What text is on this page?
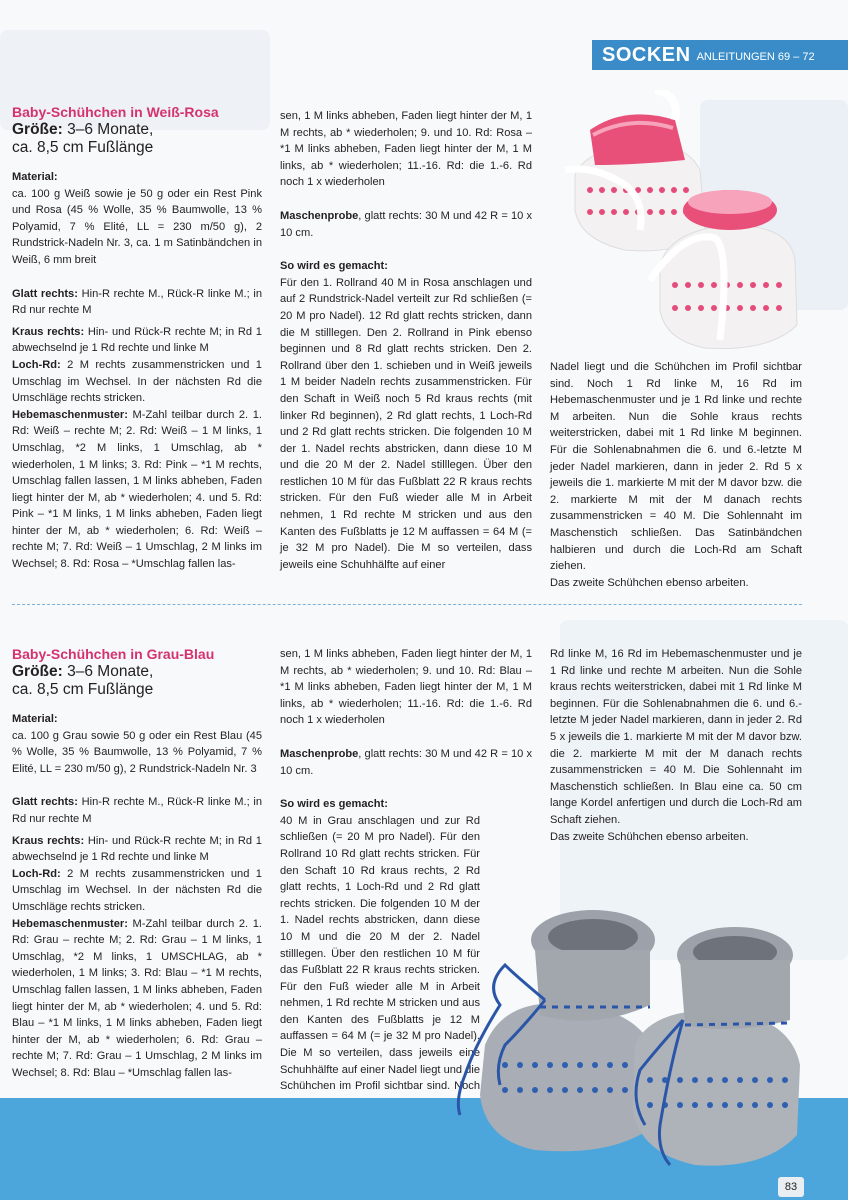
SOCKEN ANLEITUNGEN 69 – 72
Baby-Schühchen in Weiß-Rosa
Größe: 3–6 Monate,
ca. 8,5 cm Fußlänge
Material:

ca. 100 g Weiß sowie je 50 g oder ein Rest Pink und Rosa (45 % Wolle, 35 % Baumwolle, 13 % Polyamid, 7 % Elité, LL = 230 m/50 g), 2 Rundstrick-Nadeln Nr. 3, ca. 1 m Satinbändchen in Weiß, 6 mm breit

Glatt rechts: Hin-R rechte M., Rück-R linke M.; in Rd nur rechte M

Kraus rechts: Hin- und Rück-R rechte M; in Rd 1 abwechselnd je 1 Rd rechte und linke M

Loch-Rd: 2 M rechts zusammenstricken und 1 Umschlag im Wechsel. In der nächsten Rd die Umschläge rechts stricken.

Hebemaschenmuster: M-Zahl teilbar durch 2. 1. Rd: Weiß – rechte M; 2. Rd: Weiß – 1 M links, 1 Umschlag, *2 M links, 1 Umschlag, ab * wiederholen, 1 M links; 3. Rd: Pink – *1 M rechts, Umschlag fallen lassen, 1 M links abheben, Faden liegt hinter der M, ab * wiederholen; 4. und 5. Rd: Pink – *1 M links, 1 M links abheben, Faden liegt hinter der M, ab * wiederholen; 6. Rd: Weiß – rechte M; 7. Rd: Weiß – 1 Umschlag, 2 M links im Wechsel; 8. Rd: Rosa – *Umschlag fallen las-

sen, 1 M links abheben, Faden liegt hinter der M, 1 M rechts, ab * wiederholen; 9. und 10. Rd: Rosa – *1 M links abheben, Faden liegt hinter der M, 1 M links, ab * wiederholen; 11.-16. Rd: die 1.-6. Rd noch 1 x wiederholen

Maschenprobe, glatt rechts: 30 M und 42 R = 10 x 10 cm.

So wird es gemacht:

Für den 1. Rollrand 40 M in Rosa anschlagen und auf 2 Rundstrick-Nadel verteilt zur Rd schließen (= 20 M pro Nadel). 12 Rd glatt rechts stricken, dann die M stilllegen. Den 2. Rollrand in Pink ebenso beginnen und 8 Rd glatt rechts stricken. Den 2. Rollrand über den 1. schieben und in Weiß jeweils 1 M beider Nadeln rechts zusammenstricken. Für den Schaft in Weiß noch 5 Rd kraus rechts (mit linker Rd beginnen), 2 Rd glatt rechts, 1 Loch-Rd und 2 Rd glatt rechts stricken. Die folgenden 10 M der 1. Nadel rechts abstricken, dann diese 10 M und die 20 M der 2. Nadel stilllegen. Über den restlichen 10 M für das Fußblatt 22 R kraus rechts stricken. Für den Fuß wieder alle M in Arbeit nehmen, 1 Rd rechte M stricken und aus den Kanten des Fußblatts je 12 M auffassen = 64 M (= je 32 M pro Nadel). Die M so verteilen, dass jeweils eine Schuhhälfte auf einer

Nadel liegt und die Schühchen im Profil sichtbar sind. Noch 1 Rd linke M, 16 Rd im Hebemaschenmuster und je 1 Rd linke und rechte M arbeiten. Nun die Sohle kraus rechts weiterstricken, dabei mit 1 Rd linke M beginnen. Für die Sohlenabnahmen die 6. und 6.-letzte M jeder Nadel markieren, dann in jeder 2. Rd 5 x jeweils die 1. markierte M mit der M davor bzw. die 2. markierte M mit der M danach rechts zusammenstricken = 40 M. Die Sohlennaht im Maschenstich schließen. Das Satinbändchen halbieren und durch die Loch-Rd am Schaft ziehen.

Das zweite Schühchen ebenso arbeiten.

Baby-Schühchen in Grau-Blau
Größe: 3–6 Monate,
ca. 8,5 cm Fußlänge
Material:

ca. 100 g Grau sowie 50 g oder ein Rest Blau (45 % Wolle, 35 % Baumwolle, 13 % Polyamid, 7 % Elité, LL = 230 m/50 g), 2 Rundstrick-Nadeln Nr. 3

Glatt rechts: Hin-R rechte M., Rück-R linke M.; in Rd nur rechte M

Kraus rechts: Hin- und Rück-R rechte M; in Rd 1 abwechselnd je 1 Rd rechte und linke M

Loch-Rd: 2 M rechts zusammenstricken und 1 Umschlag im Wechsel. In der nächsten Rd die Umschläge rechts stricken.

Hebemaschenmuster: M-Zahl teilbar durch 2. 1. Rd: Grau – rechte M; 2. Rd: Grau – 1 M links, 1 Umschlag, *2 M links, 1 UMSCHLAG, ab * wiederholen, 1 M links; 3. Rd: Blau – *1 M rechts, Umschlag fallen lassen, 1 M links abheben, Faden liegt hinter der M, ab * wiederholen; 4. und 5. Rd: Blau – *1 M links, 1 M links abheben, Faden liegt hinter der M, ab * wiederholen; 6. Rd: Grau – rechte M; 7. Rd: Grau – 1 Umschlag, 2 M links im Wechsel; 8. Rd: Blau – *Umschlag fallen las-

sen, 1 M links abheben, Faden liegt hinter der M, 1 M rechts, ab * wiederholen; 9. und 10. Rd: Blau – *1 M links abheben, Faden liegt hinter der M, 1 M links, ab * wiederholen; 11.-16. Rd: die 1.-6. Rd noch 1 x wiederholen

Maschenprobe, glatt rechts: 30 M und 42 R = 10 x 10 cm.

So wird es gemacht:

40 M in Grau anschlagen und zur Rd schließen (= 20 M pro Nadel). Für den Rollrand 10 Rd glatt rechts stricken. Für den Schaft 10 Rd kraus rechts, 2 Rd glatt rechts, 1 Loch-Rd und 2 Rd glatt rechts stricken. Die folgenden 10 M der 1. Nadel rechts abstricken, dann diese 10 M und die 20 M der 2. Nadel stilllegen. Über den restlichen 10 M für das Fußblatt 22 R kraus rechts stricken. Für den Fuß wieder alle M in Arbeit nehmen, 1 Rd rechte M stricken und aus den Kanten des Fußblatts je 12 M auffassen = 64 M (= je 32 M pro Nadel). Die M so verteilen, dass jeweils eine Schuhhälfte auf einer Nadel liegt und die Schühchen im Profil sichtbar sind. Noch

Rd linke M, 16 Rd im Hebemaschenmuster und je 1 Rd linke und rechte M arbeiten. Nun die Sohle kraus rechts weiterstricken, dabei mit 1 Rd linke M beginnen. Für die Sohlenabnahmen die 6. und 6.-letzte M jeder Nadel markieren, dann in jeder 2. Rd 5 x jeweils die 1. markierte M mit der M davor bzw. die 2. markierte M mit der M danach rechts zusammenstricken = 40 M. Die Sohlennaht im Maschenstich schließen. In Blau eine ca. 50 cm lange Kordel anfertigen und durch die Loch-Rd am Schaft ziehen.

Das zweite Schühchen ebenso arbeiten.

83
